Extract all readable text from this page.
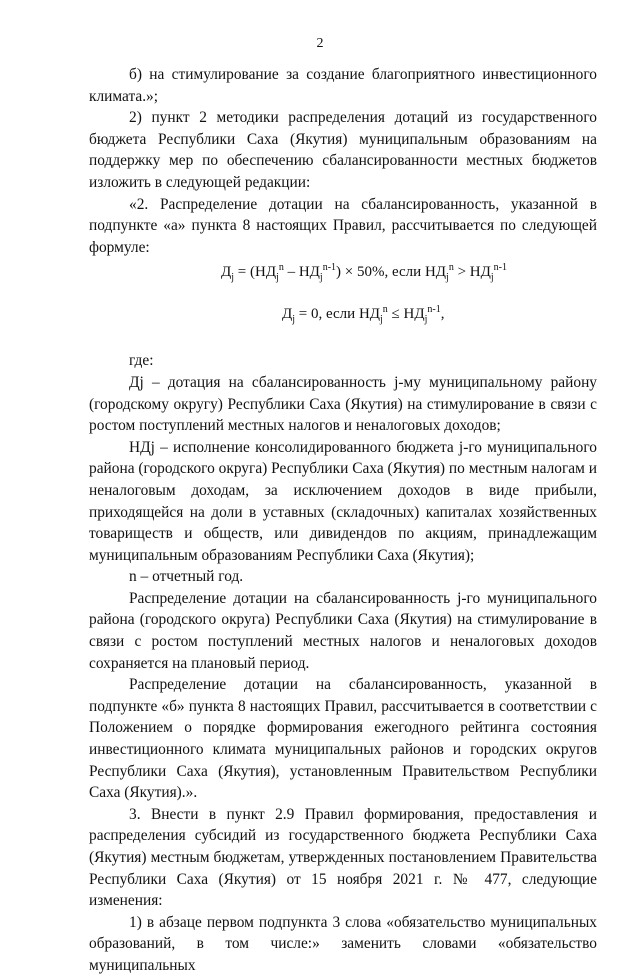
2

б) на стимулирование за создание благоприятного инвестиционного климата.»;

2) пункт 2 методики распределения дотаций из государственного бюджета Республики Саха (Якутия) муниципальным образованиям на поддержку мер по обеспечению сбалансированности местных бюджетов изложить в следующей редакции:

«2. Распределение дотации на сбалансированность, указанной в подпункте «а» пункта 8 настоящих Правил, рассчитывается по следующей формуле:

$Д_j = (НД_j^n - НД_j^{n-1}) \times 50\%$, если $НД_j^n > НД_j^{n-1}$
$Д_j = 0$, если $НД_j^n \le НД_j^{n-1}$,

где:

Дj – дотация на сбалансированность j-му муниципальному району (городскому округу) Республики Саха (Якутия) на стимулирование в связи с ростом поступлений местных налогов и неналоговых доходов;

НДj – исполнение консолидированного бюджета j-го муниципального района (городского округа) Республики Саха (Якутия) по местным налогам и неналоговым доходам, за исключением доходов в виде прибыли, приходящейся на доли в уставных (складочных) капиталах хозяйственных товариществ и обществ, или дивидендов по акциям, принадлежащим муниципальным образованиям Республики Саха (Якутия);

n – отчетный год.

Распределение дотации на сбалансированность j-го муниципального района (городского округа) Республики Саха (Якутия) на стимулирование в связи с ростом поступлений местных налогов и неналоговых доходов сохраняется на плановый период.

Распределение дотации на сбалансированность, указанной в подпункте «б» пункта 8 настоящих Правил, рассчитывается в соответствии с Положением о порядке формирования ежегодного рейтинга состояния инвестиционного климата муниципальных районов и городских округов Республики Саха (Якутия), установленным Правительством Республики Саха (Якутия).».

3. Внести в пункт 2.9 Правил формирования, предоставления и распределения субсидий из государственного бюджета Республики Саха (Якутия) местным бюджетам, утвержденных постановлением Правительства Республики Саха (Якутия) от 15 ноября 2021 г. № 477, следующие изменения:

1) в абзаце первом подпункта 3 слова «обязательство муниципальных образований, в том числе:» заменить словами «обязательство муниципальных
